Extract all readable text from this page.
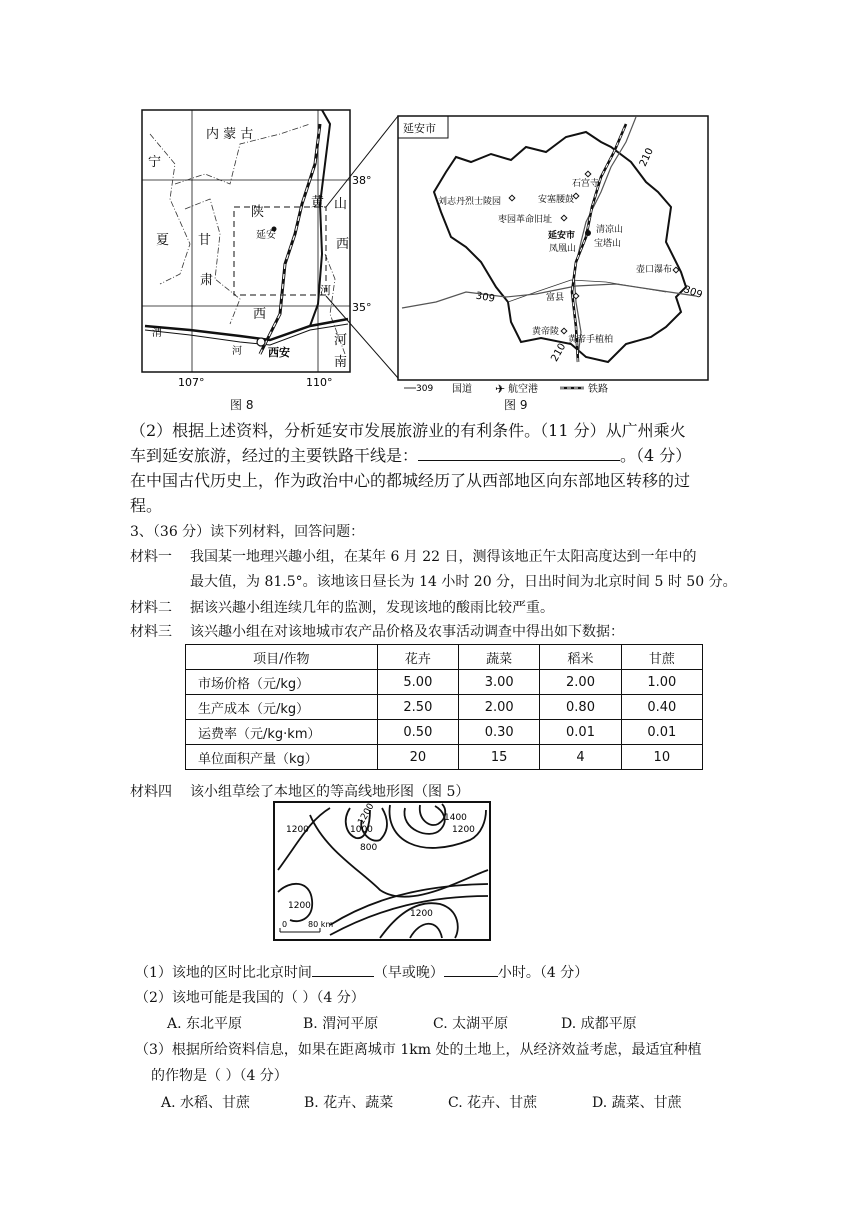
内 蒙 古
宁
夏 甘
肃
陕
延安
西
黄
河
山
西
河
南
渭
河 西安
38°
35°
107°	110°
图 8
延安市
石宫寺
安塞腰鼓
刘志丹烈士陵园
枣园革命旧址
延安市
清凉山
宝塔山
凤凰山
壶口瀑布
富县
黄帝陵
黄帝手植柏
210
309	309
210
309 国道 ✈ 航空港	铁路
图 9
（2）根据上述资料，分析延安市发展旅游业的有利条件。（11 分）从广州乘火
车到延安旅游，经过的主要铁路干线是：	。（4 分）
在中国古代历史上，作为政治中心的都城经历了从西部地区向东部地区转移的过
程。
3、（36 分）读下列材料，回答问题：
材料一 我国某一地理兴趣小组，在某年 6 月 22 日，测得该地正午太阳高度达到一年中的
最大值，为 81.5°。该地该日昼长为 14 小时 20 分，日出时间为北京时间 5 时 50 分。
材料二 据该兴趣小组连续几年的监测，发现该地的酸雨比较严重。
材料三 该兴趣小组在对该地城市农产品价格及农事活动调查中得出如下数据：
项目/作物	花卉	蔬菜	稻米	甘蔗
市场价格（元/kg）	5.00	3.00	2.00	1.00
生产成本（元/kg）	2.50	2.00	0.80	0.40
运费率（元/kg·km）	0.50	0.30	0.01	0.01
单位面积产量（kg）	20	15	4	10
材料四 该小组草绘了本地区的等高线地形图（图 5）
1200	1000
800
1200	1400
1200
1200
1200
0	80 km
（1）该地的区时比北京时间	（早或晚）	小时。（4 分）
（2）该地可能是我国的（ ）（4 分）
A. 东北平原	B. 渭河平原	C. 太湖平原	D. 成都平原
（3）根据所给资料信息，如果在距离城市 1km 处的土地上，从经济效益考虑，最适宜种植
的作物是（ ）（4 分）
A. 水稻、甘蔗	B. 花卉、蔬菜	C. 花卉、甘蔗	D. 蔬菜、甘蔗
